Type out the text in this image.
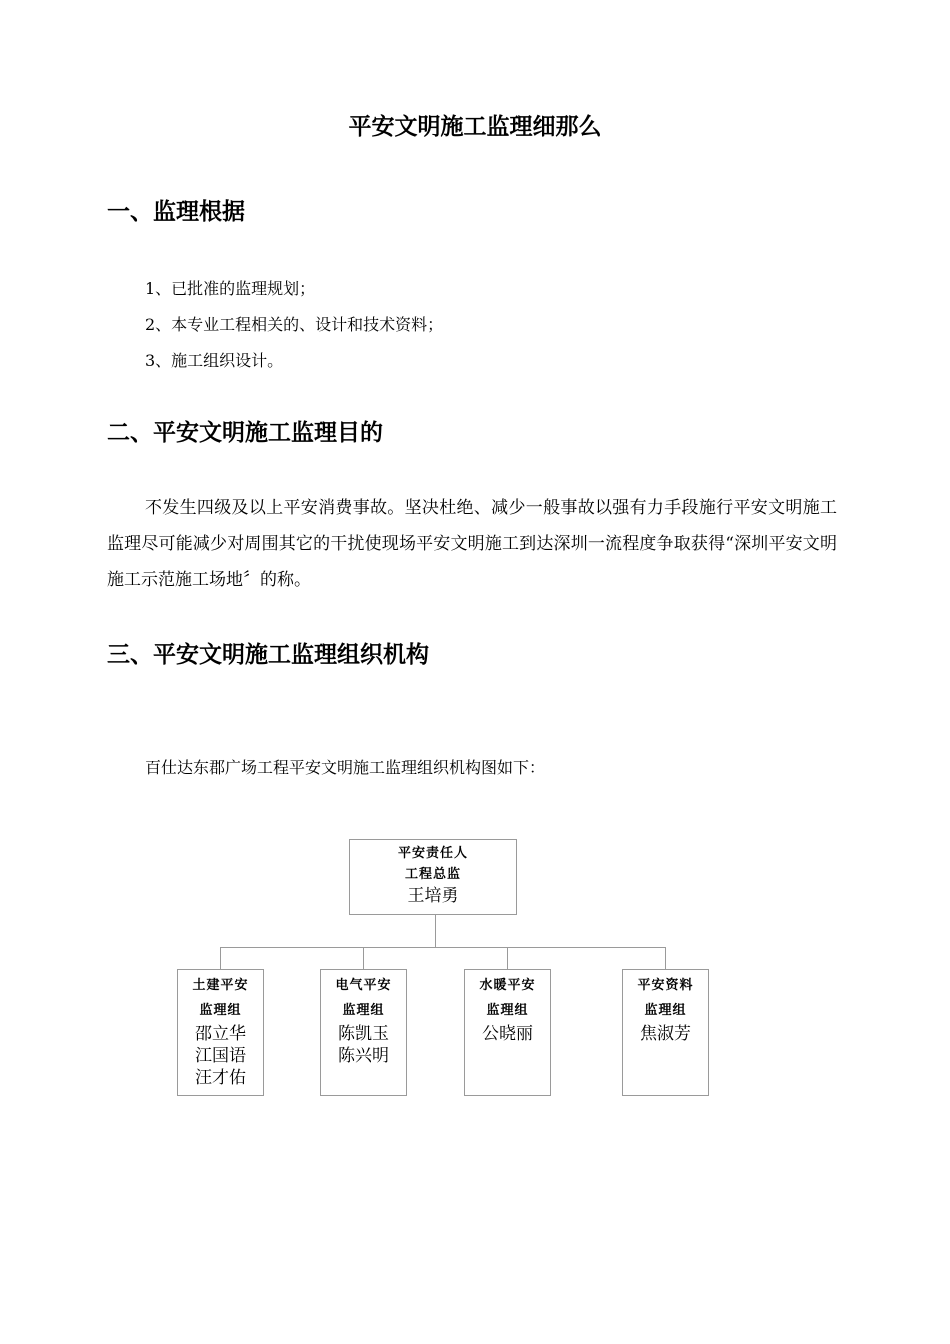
平安文明施工监理细那么
一、监理根据
1、已批准的监理规划；
2、本专业工程相关的、设计和技术资料；
3、施工组织设计。
二、平安文明施工监理目的
不发生四级及以上平安消费事故。坚决杜绝、减少一般事故以强有力手段施行平安文明施工监理尽可能减少对周围其它的干扰使现场平安文明施工到达深圳一流程度争取获得“深圳平安文明施工示范施工场地〞的称。
三、平安文明施工监理组织机构
百仕达东郡广场工程平安文明施工监理组织机构图如下：
平安责任人
工程总监
王培勇
土建平安
监理组
邵立华
江国语
汪才佑
电气平安
监理组
陈凯玉
陈兴明
水暖平安
监理组
公晓丽
平安资料
监理组
焦淑芳
